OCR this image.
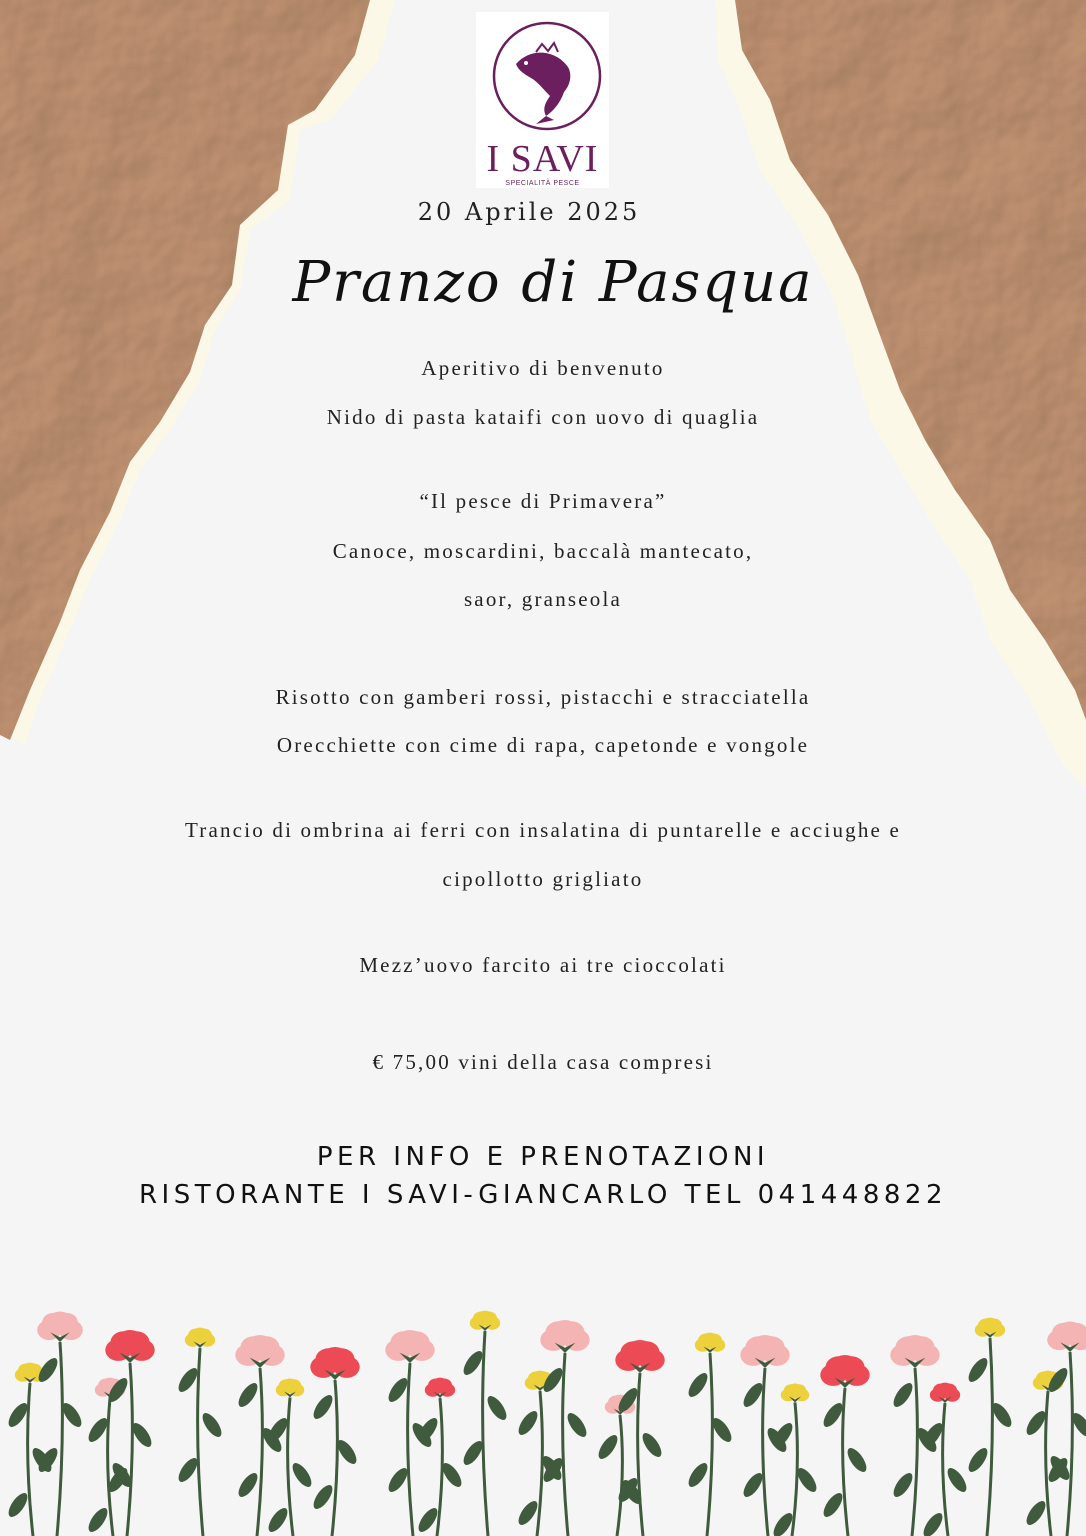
I SAVI
SPECIALITÀ PESCE
20 Aprile 2025
Pranzo di Pasqua
Aperitivo di benvenuto
Nido di pasta kataifi con uovo di quaglia
“Il pesce di Primavera”
Canoce, moscardini, baccalà mantecato,
saor, granseola
Risotto con gamberi rossi, pistacchi e stracciatella
Orecchiette con cime di rapa, capetonde e vongole
Trancio di ombrina ai ferri con insalatina di puntarelle e acciughe e
cipollotto grigliato
Mezz’uovo farcito ai tre cioccolati
€ 75,00 vini della casa compresi
PER INFO E PRENOTAZIONI
RISTORANTE I SAVI-GIANCARLO TEL 041448822
